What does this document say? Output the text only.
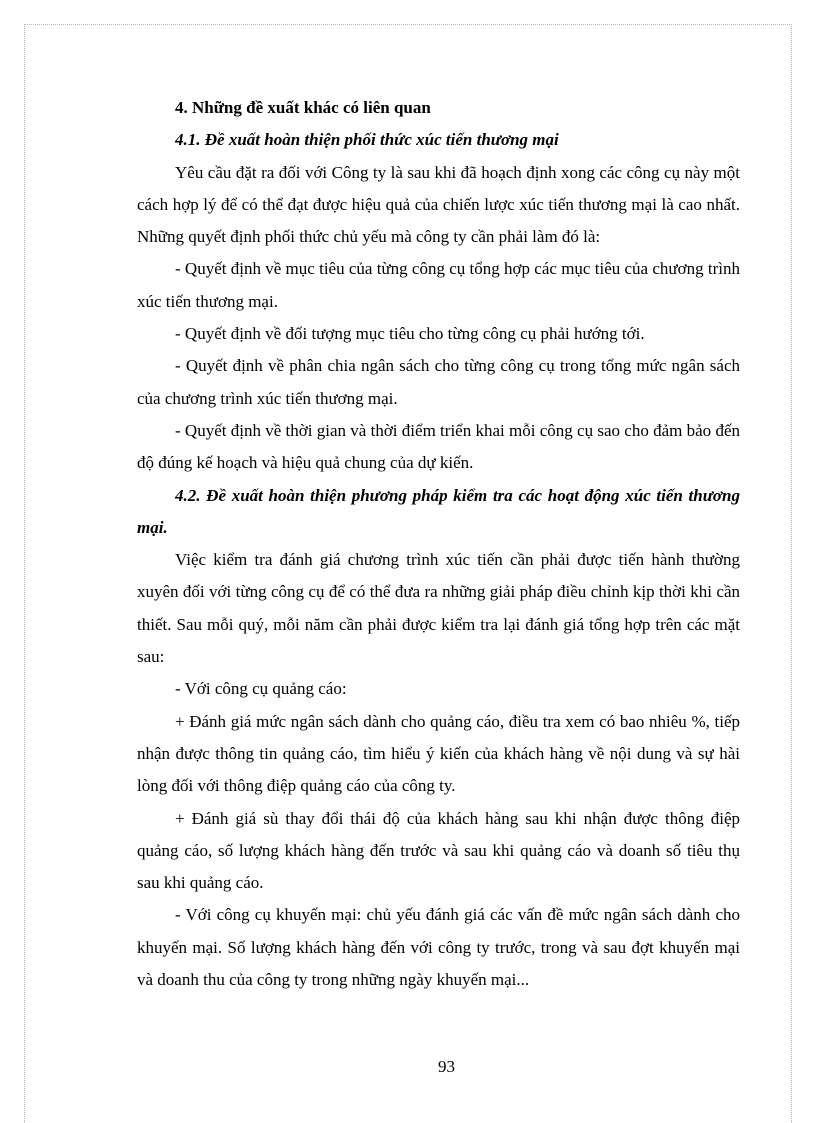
4. Những đề xuất khác có liên quan

4.1. Đề xuất hoàn thiện phối thức xúc tiến thương mại

Yêu cầu đặt ra đối với Công ty là sau khi đã hoạch định xong các công cụ này một cách hợp lý để có thể đạt được hiệu quả của chiến lược xúc tiến thương mại là cao nhất. Những quyết định phối thức chủ yếu mà công ty cần phải làm đó là:

- Quyết định về mục tiêu của từng công cụ tổng hợp các mục tiêu của chương trình xúc tiến thương mại.

- Quyết định về đối tượng mục tiêu cho từng công cụ phải hướng tới.

- Quyết định về phân chia ngân sách cho từng công cụ trong tổng mức ngân sách của chương trình xúc tiến thương mại.

- Quyết định về thời gian và thời điểm triển khai mỗi công cụ sao cho đảm bảo đến độ đúng kế hoạch và hiệu quả chung của dự kiến.

4.2. Đề xuất hoàn thiện phương pháp kiểm tra các hoạt động xúc tiến thương mại.

Việc kiểm tra đánh giá chương trình xúc tiến cần phải được tiến hành thường xuyên đối với từng công cụ để có thể đưa ra những giải pháp điều chỉnh kịp thời khi cần thiết. Sau mỗi quý, mỗi năm cần phải được kiểm tra lại đánh giá tổng hợp trên các mặt sau:

- Với công cụ quảng cáo:

+ Đánh giá mức ngân sách dành cho quảng cáo, điều tra xem có bao nhiêu %, tiếp nhận được thông tin quảng cáo, tìm hiểu ý kiến của khách hàng về nội dung và sự hài lòng đối với thông điệp quảng cáo của công ty.

+ Đánh giá sù thay đổi thái độ của khách hàng sau khi nhận được thông điệp quảng cáo, số lượng khách hàng đến trước và sau khi quảng cáo và doanh số tiêu thụ sau khi quảng cáo.

- Với công cụ khuyến mại: chủ yếu đánh giá các vấn đề mức ngân sách dành cho khuyến mại. Số lượng khách hàng đến với công ty trước, trong và sau đợt khuyến mại và doanh thu của công ty trong những ngày khuyến mại...

93
